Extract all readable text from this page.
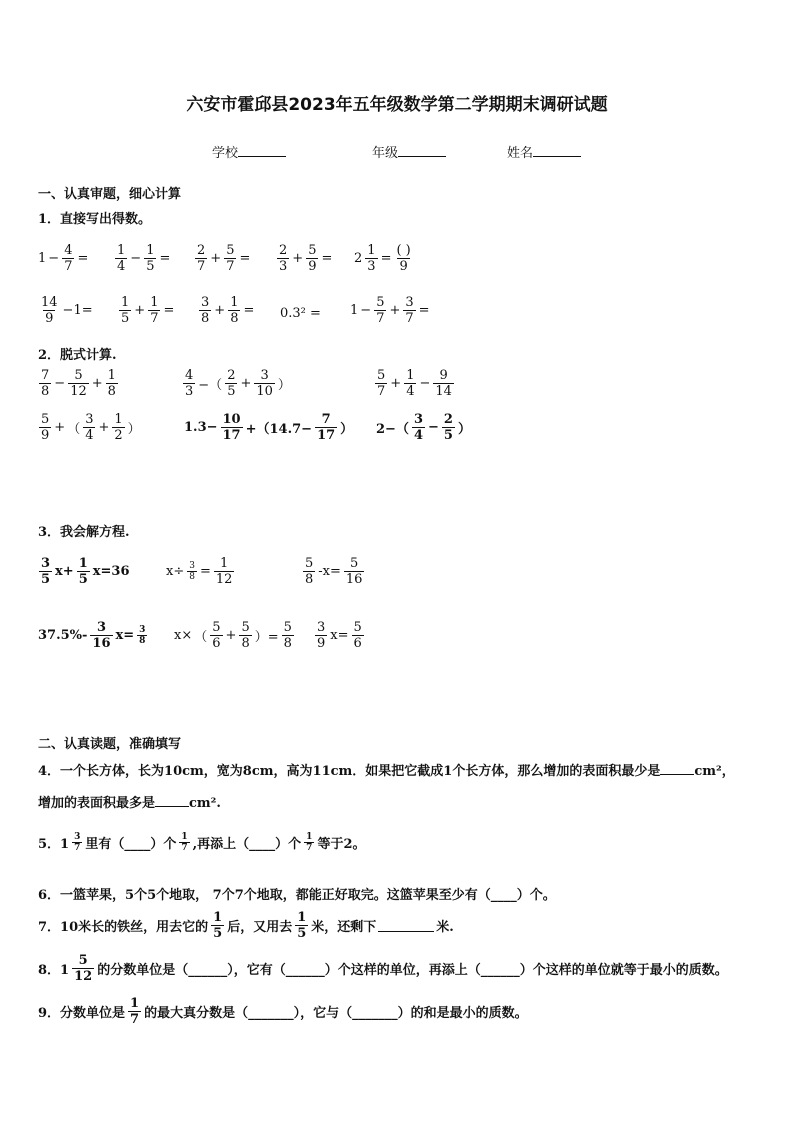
六安市霍邱县2023年五年级数学第二学期期末调研试题
学校	年级	姓名
一、认真审题，细心计算
1．直接写出得数。
$1 - \frac{4}{7} = \frac{1}{4} - \frac{1}{5} = \frac{2}{7} + \frac{5}{7} = \frac{2}{3} + \frac{5}{9} = 2 \frac{1}{3} = \frac{( )}{9}$
$\frac{14}{9} -1= \frac{1}{5} + \frac{1}{7} = \frac{3}{8} + \frac{1}{8} = 0.3^2 = 1 - \frac{5}{7} + \frac{3}{7}$ =
2．脱式计算.
$\frac{7}{8} - \frac{5}{12} + \frac{1}{8}$	$\frac{4}{3}$ −（ $\frac{2}{5} + \frac{3}{10}$ ）	$\frac{5}{7} + \frac{1}{4} - \frac{9}{14}$
$\frac{5}{9}$ + （ $\frac{3}{4} + \frac{1}{2}$ ）	$1.3- \frac{10}{17} +(14.7- \frac{7}{17}$ ） $2-( \frac{3}{4} - \frac{2}{5}$ ）
3．我会解方程.
$\frac{3}{5} x+ \frac{1}{5} x=36$	$x\div \frac{3}{8} = \frac{1}{12}$	$\frac{5}{8} -x= \frac{5}{16}$
$37.5\%- \frac{3}{16} x= \frac{3}{8} x\times$ （ $\frac{5}{6} + \frac{5}{8}$ ）= $\frac{5}{8} \frac{3}{9} x= \frac{5}{6}$
二、认真读题，准确填写
4．一个长方体，长为10cm，宽为8cm，高为11cm．如果把它截成1个长方体，那么增加的表面积最少是	cm²，
增加的表面积最多是	cm².
5．$1 \frac{3}{7}$ 里有（____）个 $\frac{1}{7}$ ,再添上（____）个 $\frac{1}{7}$ 等于2。
6．一篮苹果，5个5个地取， 7个7个地取，都能正好取完。这篮苹果至少有（____）个。
7．10米长的铁丝，用去它的 $\frac{1}{5}$ 后，又用去 $\frac{1}{5}$ 米，还剩下	米.
8．$1 \frac{5}{12}$ 的分数单位是（______），它有（______）个这样的单位，再添上（______）个这样的单位就等于最小的质数。
9．分数单位是 $\frac{1}{7}$ 的最大真分数是（_______），它与（_______）的和是最小的质数。
